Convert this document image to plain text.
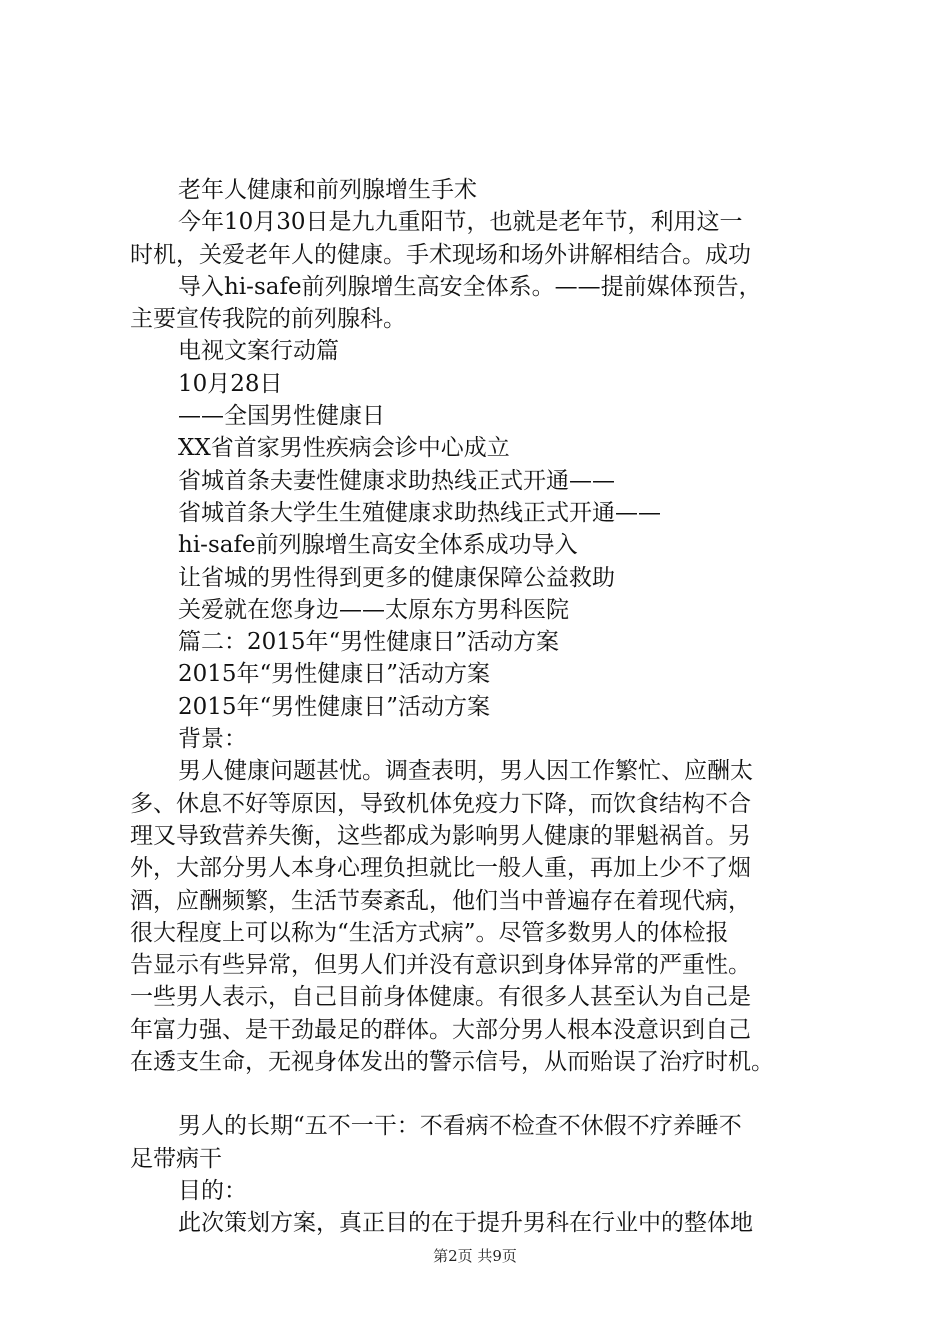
老年人健康和前列腺增生手术
今年10月30日是九九重阳节，也就是老年节，利用这一
时机，关爱老年人的健康。手术现场和场外讲解相结合。成功
导入hi-safe前列腺增生高安全体系。——提前媒体预告，
主要宣传我院的前列腺科。
电视文案行动篇
10月28日
——全国男性健康日
XX省首家男性疾病会诊中心成立
省城首条夫妻性健康求助热线正式开通——
省城首条大学生生殖健康求助热线正式开通——
hi-safe前列腺增生高安全体系成功导入
让省城的男性得到更多的健康保障公益救助
关爱就在您身边——太原东方男科医院
篇二：2015年“男性健康日”活动方案
2015年“男性健康日”活动方案
2015年“男性健康日”活动方案
背景：
男人健康问题甚忧。调查表明，男人因工作繁忙、应酬太
多、休息不好等原因，导致机体免疫力下降，而饮食结构不合
理又导致营养失衡，这些都成为影响男人健康的罪魁祸首。另
外，大部分男人本身心理负担就比一般人重，再加上少不了烟
酒，应酬频繁，生活节奏紊乱，他们当中普遍存在着现代病，
很大程度上可以称为“生活方式病”。尽管多数男人的体检报
告显示有些异常，但男人们并没有意识到身体异常的严重性。
一些男人表示，自己目前身体健康。有很多人甚至认为自己是
年富力强、是干劲最足的群体。大部分男人根本没意识到自己
在透支生命，无视身体发出的警示信号，从而贻误了治疗时机。
男人的长期“五不一干：不看病不检查不休假不疗养睡不
足带病干
目的：
此次策划方案，真正目的在于提升男科在行业中的整体地
第2页 共9页
